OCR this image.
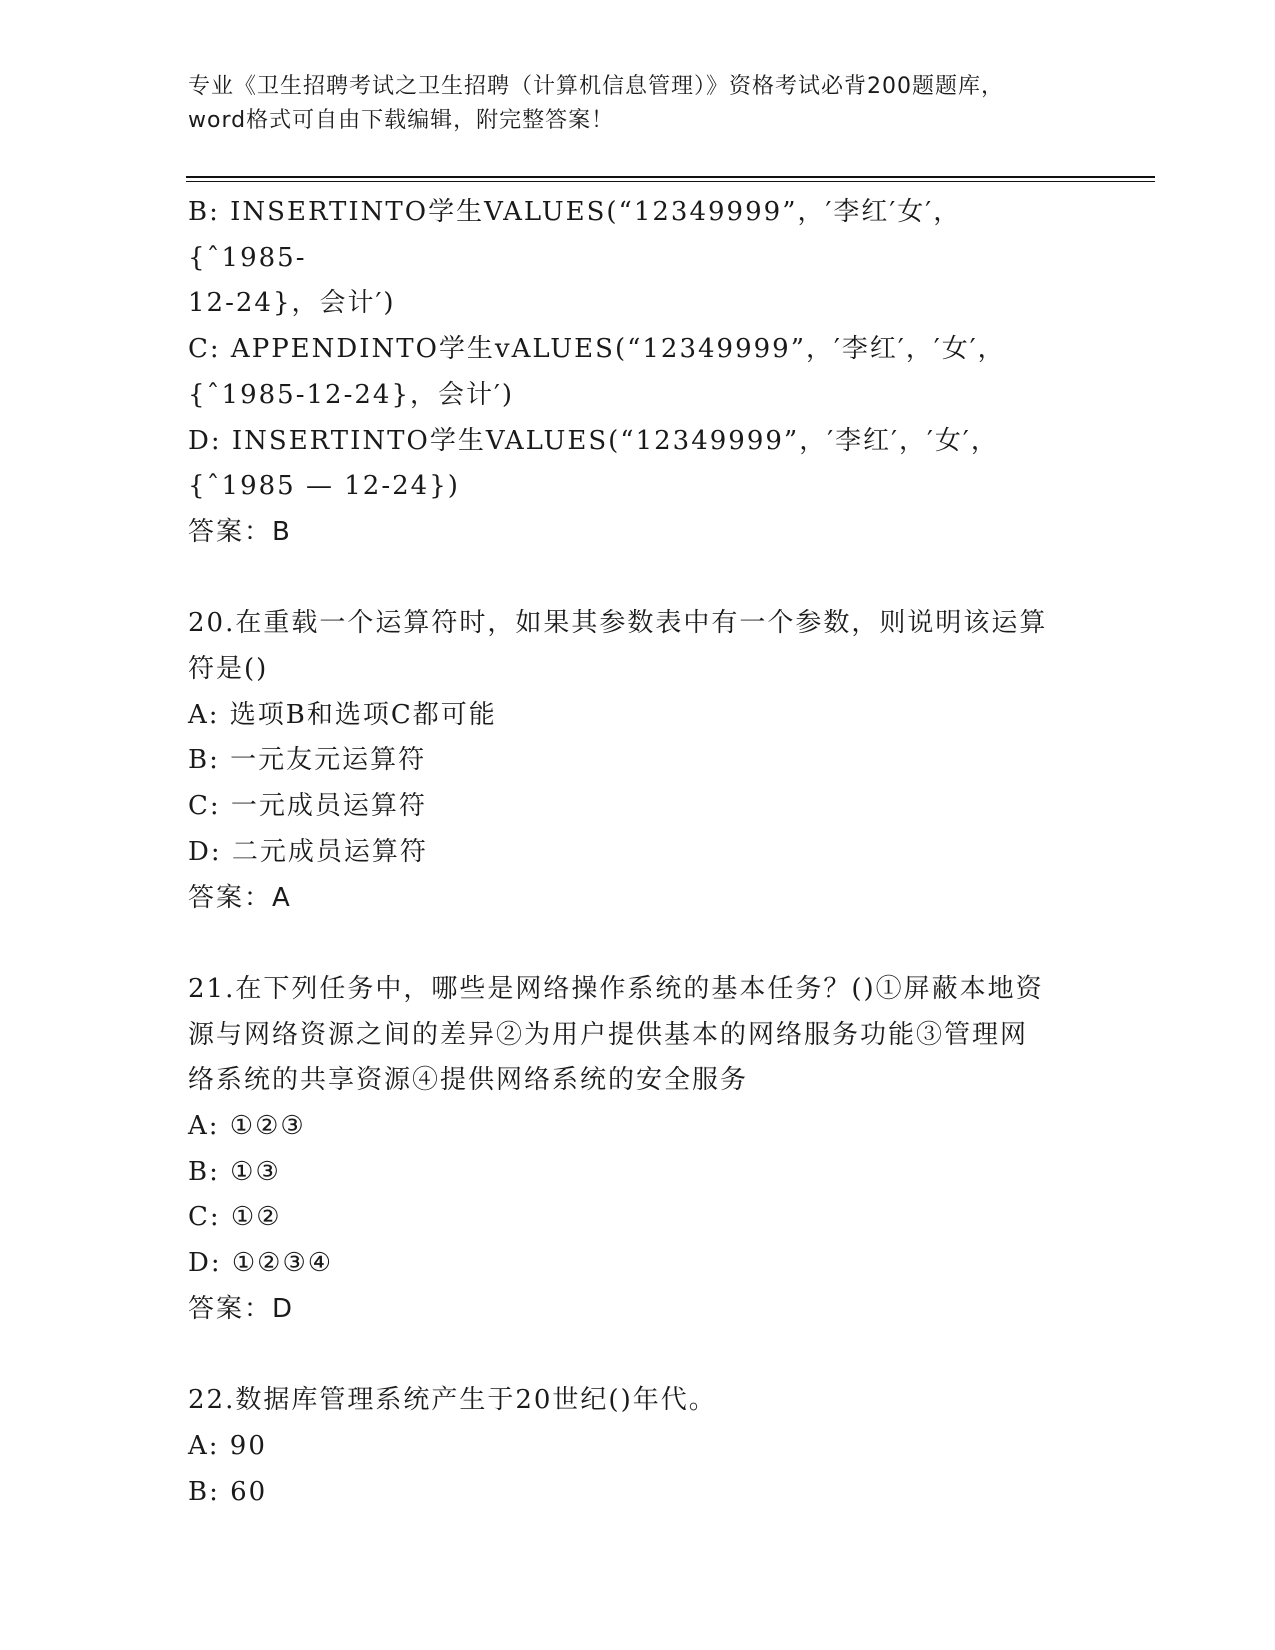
专业《卫生招聘考试之卫生招聘（计算机信息管理）》资格考试必背200题题库，
word格式可自由下载编辑，附完整答案！
B: INSERTINTO学生VALUES(“12349999”，′李红′女′，{ˆ1985-
12-24}，会计′)
C: APPENDINTO学生vALUES(“12349999”，′李红′，′女′，
{ˆ1985-12-24}，会计′)
D: INSERTINTO学生VALUES(“12349999”，′李红′，′女′，
{ˆ1985 — 12-24})
答案：B
20.在重载一个运算符时，如果其参数表中有一个参数，则说明该运算
符是()
A: 选项B和选项C都可能
B: 一元友元运算符
C: 一元成员运算符
D: 二元成员运算符
答案：A
21.在下列任务中，哪些是网络操作系统的基本任务？()①屏蔽本地资
源与网络资源之间的差异②为用户提供基本的网络服务功能③管理网
络系统的共享资源④提供网络系统的安全服务
A: ①②③
B: ①③
C: ①②
D: ①②③④
答案：D
22.数据库管理系统产生于20世纪()年代。
A: 90
B: 60
